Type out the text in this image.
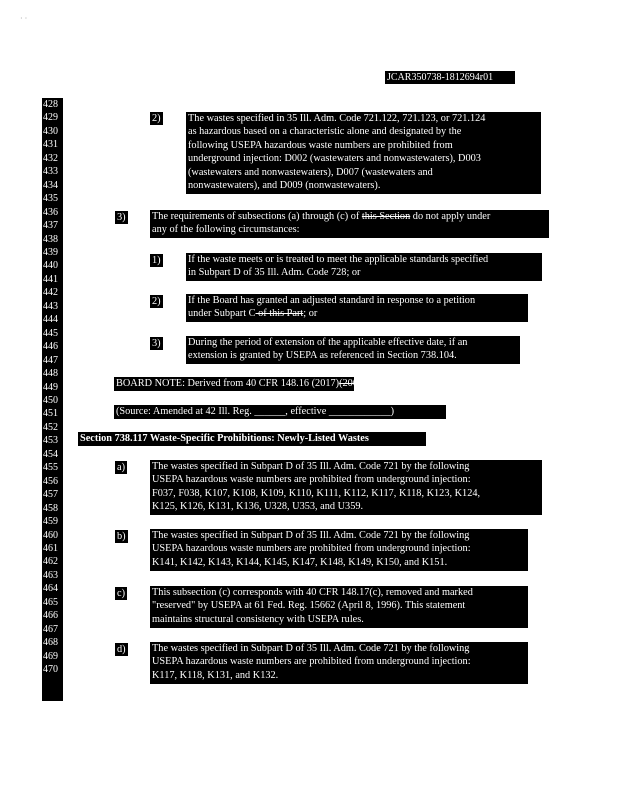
· ·
JCAR350738-1812694r01
428
429
430
431
432
433
434
435
436
437
438
439
440
441
442
443
444
445
446
447
448
449
450
451
452
453
454
455
456
457
458
459
460
461
462
463
464
465
466
467
468
469
470
2)	The wastes specified in 35 Ill. Adm. Code 721.122, 721.123, or 721.124
as hazardous based on a characteristic alone and designated by the
following USEPA hazardous waste numbers are prohibited from
underground injection: D002 (wastewaters and nonwastewaters), D003
(wastewaters and nonwastewaters), D007 (wastewaters and
nonwastewaters), and D009 (nonwastewaters).
3)	The requirements of subsections (a) through (c) of this Section do not apply under
any of the following circumstances:
1)	If the waste meets or is treated to meet the applicable standards specified
in Subpart D of 35 Ill. Adm. Code 728; or
2)	If the Board has granted an adjusted standard in response to a petition
under Subpart C of this Part; or
3)	During the period of extension of the applicable effective date, if an
extension is granted by USEPA as referenced in Section 738.104.
BOARD NOTE: Derived from 40 CFR 148.16 (2017)(2005).
(Source: Amended at 42 Ill. Reg. ______, effective ____________)
Section 738.117 Waste-Specific Prohibitions: Newly-Listed Wastes
a)	The wastes specified in Subpart D of 35 Ill. Adm. Code 721 by the following
USEPA hazardous waste numbers are prohibited from underground injection:
F037, F038, K107, K108, K109, K110, K111, K112, K117, K118, K123, K124,
K125, K126, K131, K136, U328, U353, and U359.
b)	The wastes specified in Subpart D of 35 Ill. Adm. Code 721 by the following
USEPA hazardous waste numbers are prohibited from underground injection:
K141, K142, K143, K144, K145, K147, K148, K149, K150, and K151.
c)	This subsection (c) corresponds with 40 CFR 148.17(c), removed and marked
"reserved" by USEPA at 61 Fed. Reg. 15662 (April 8, 1996). This statement
maintains structural consistency with USEPA rules.
d)	The wastes specified in Subpart D of 35 Ill. Adm. Code 721 by the following
USEPA hazardous waste numbers are prohibited from underground injection:
K117, K118, K131, and K132.
